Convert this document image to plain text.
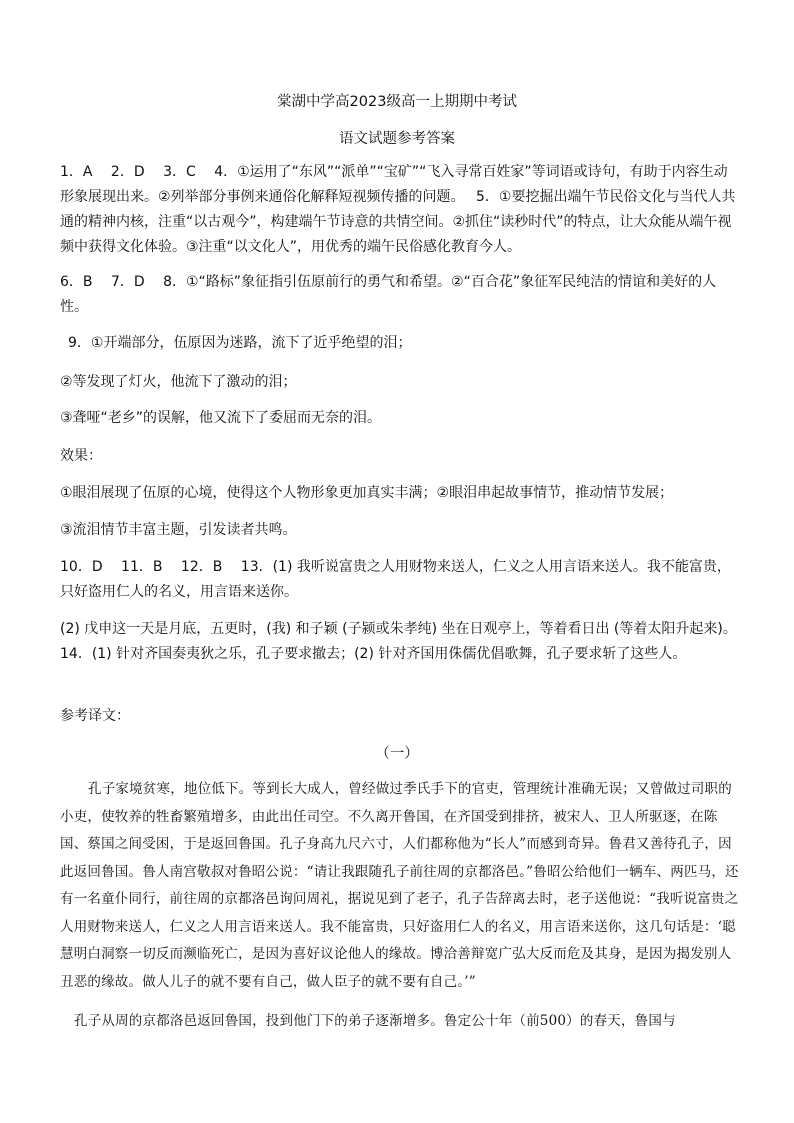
棠湖中学高2023级高一上期期中考试
语文试题参考答案

1．A　 2．D　 3．C　 4．①运用了“东风”“派单”“宝矿”“飞入寻常百姓家”等词语或诗句，有助于内容生动形象展现出来。②列举部分事例来通俗化解释短视频传播的问题。　 5．①要挖掘出端午节民俗文化与当代人共通的精神内核，注重“以古观今”，构建端午节诗意的共情空间。②抓住“读秒时代”的特点，让大众能从端午视频中获得文化体验。③注重“以文化人”，用优秀的端午民俗感化教育今人。

6．B　 7．D　 8．①“路标”象征指引伍原前行的勇气和希望。②“百合花”象征军民纯洁的情谊和美好的人性。

9．①开端部分，伍原因为迷路，流下了近乎绝望的泪；

②等发现了灯火，他流下了激动的泪；

③聋哑“老乡”的误解，他又流下了委屈而无奈的泪。

效果：

①眼泪展现了伍原的心境，使得这个人物形象更加真实丰满；②眼泪串起故事情节，推动情节发展；

③流泪情节丰富主题，引发读者共鸣。

10．D　 11．B　 12．B　 13．(1) 我听说富贵之人用财物来送人，仁义之人用言语来送人。我不能富贵，只好盗用仁人的名义，用言语来送你。

(2) 戊申这一天是月底，五更时，(我) 和子颖 (子颍或朱孝纯) 坐在日观亭上，等着看日出 (等着太阳升起来)。　 14．(1) 针对齐国奏夷狄之乐，孔子要求撤去；(2) 针对齐国用侏儒优倡歌舞，孔子要求斩了这些人。

参考译文：

（一）

孔子家境贫寒，地位低下。等到长大成人，曾经做过季氏手下的官吏，管理统计准确无误；又曾做过司职的小吏，使牧养的牲畜繁殖增多，由此出任司空。不久离开鲁国，在齐国受到排挤，被宋人、卫人所驱逐，在陈国、蔡国之间受困，于是返回鲁国。孔子身高九尺六寸，人们都称他为“长人”而感到奇异。鲁君又善待孔子，因此返回鲁国。鲁人南宫敬叔对鲁昭公说：“请让我跟随孔子前往周的京都洛邑。”鲁昭公给他们一辆车、两匹马，还有一名童仆同行，前往周的京都洛邑询问周礼，据说见到了老子，孔子告辞离去时，老子送他说：“我听说富贵之人用财物来送人，仁义之人用言语来送人。我不能富贵，只好盗用仁人的名义，用言语来送你，这几句话是：‘聪慧明白洞察一切反而濒临死亡，是因为喜好议论他人的缘故。博洽善辩宽广弘大反而危及其身，是因为揭发别人丑恶的缘故。做人儿子的就不要有自己，做人臣子的就不要有自己。’”

孔子从周的京都洛邑返回鲁国，投到他门下的弟子逐渐增多。鲁定公十年（前500）的春天，鲁国与
